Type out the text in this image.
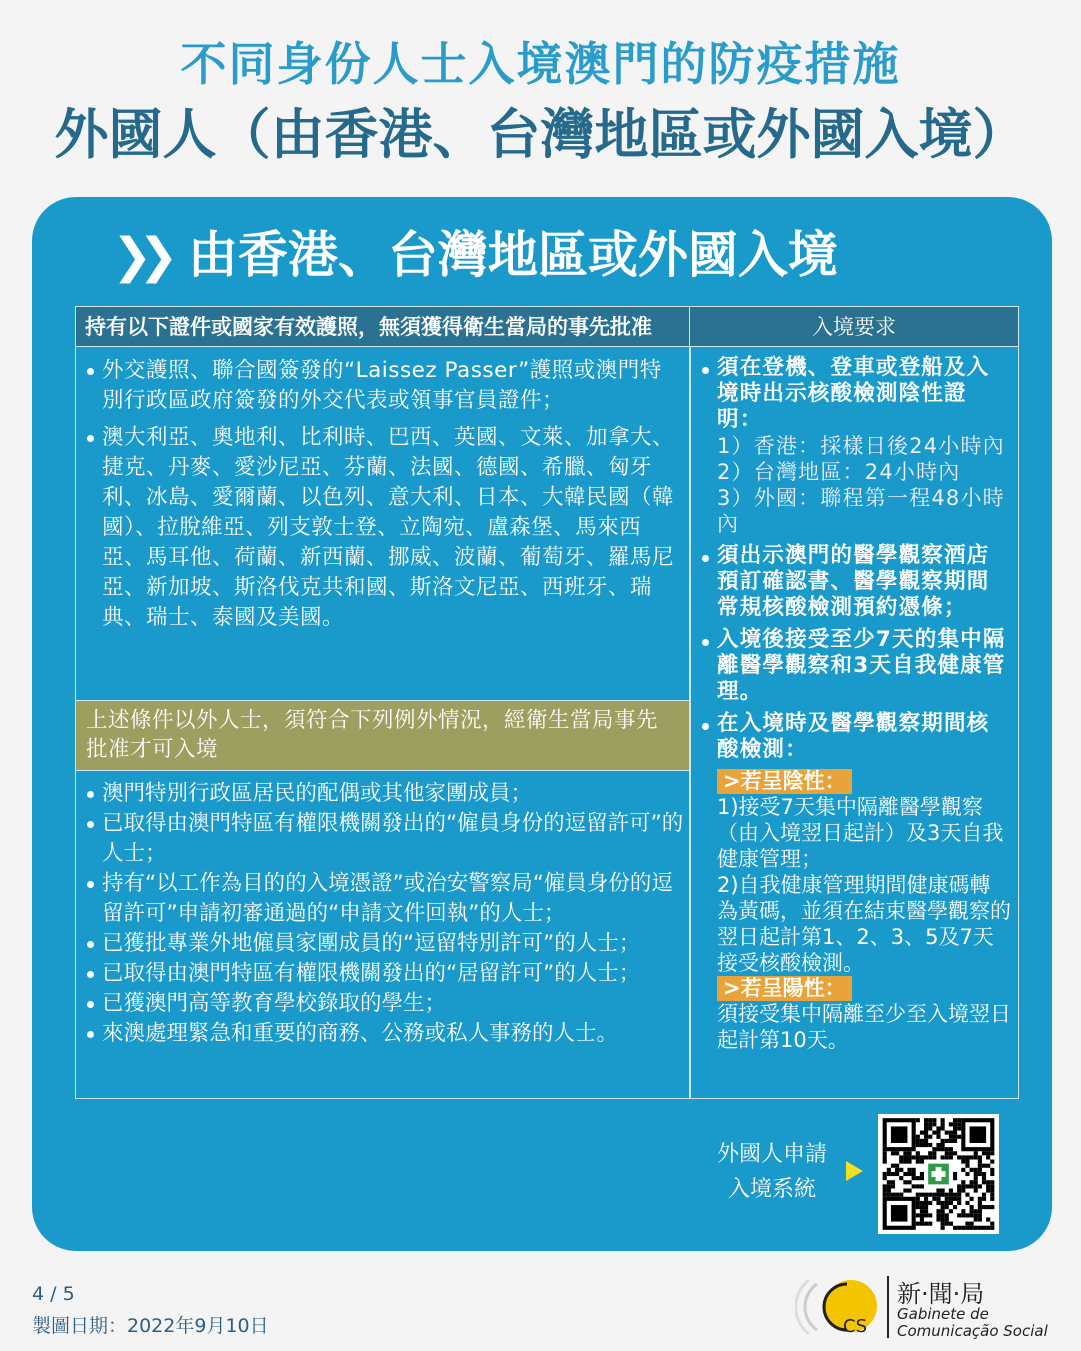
不同身份人士入境澳門的防疫措施
外國人（由香港、台灣地區或外國入境）
❯❯ 由香港、台灣地區或外國入境
持有以下證件或國家有效護照，無須獲得衛生當局的事先批准	入境要求
外交護照、聯合國簽發的“Laissez Passer”護照或澳門特別行政區政府簽發的外交代表或領事官員證件；
澳大利亞、奧地利、比利時、巴西、英國、文萊、加拿大、捷克、丹麥、愛沙尼亞、芬蘭、法國、德國、希臘、匈牙利、冰島、愛爾蘭、以色列、意大利、日本、大韓民國（韓國）、拉脫維亞、列支敦士登、立陶宛、盧森堡、馬來西亞、馬耳他、荷蘭、新西蘭、挪威、波蘭、葡萄牙、羅馬尼亞、新加坡、斯洛伐克共和國、斯洛文尼亞、西班牙、瑞典、瑞士、泰國及美國。
上述條件以外人士，須符合下列例外情況，經衛生當局事先批准才可入境
澳門特別行政區居民的配偶或其他家團成員；
已取得由澳門特區有權限機關發出的“僱員身份的逗留許可”的人士；
持有“以工作為目的的入境憑證”或治安警察局“僱員身份的逗留許可”申請初審通過的“申請文件回執”的人士；
已獲批專業外地僱員家團成員的“逗留特別許可”的人士；
已取得由澳門特區有權限機關發出的“居留許可”的人士；
已獲澳門高等教育學校錄取的學生；
來澳處理緊急和重要的商務、公務或私人事務的人士。
須在登機、登車或登船及入境時出示核酸檢測陰性證明：
1）香港：採樣日後24小時內
2）台灣地區：24小時內
3）外國：聯程第一程48小時內
須出示澳門的醫學觀察酒店預訂確認書、醫學觀察期間常規核酸檢測預約憑條；
入境後接受至少7天的集中隔離醫學觀察和3天自我健康管理。
在入境時及醫學觀察期間核酸檢測：
>若呈陰性：
1)接受7天集中隔離醫學觀察（由入境翌日起計）及3天自我健康管理；
2)自我健康管理期間健康碼轉為黃碼，並須在結束醫學觀察的翌日起計第1、2、3、5及7天接受核酸檢測。
>若呈陽性：
須接受集中隔離至少至入境翌日起計第10天。
外國人申請
入境系統
4 / 5
製圖日期：2022年9月10日	CS
新·聞·局
Gabinete de
Comunicação Social
